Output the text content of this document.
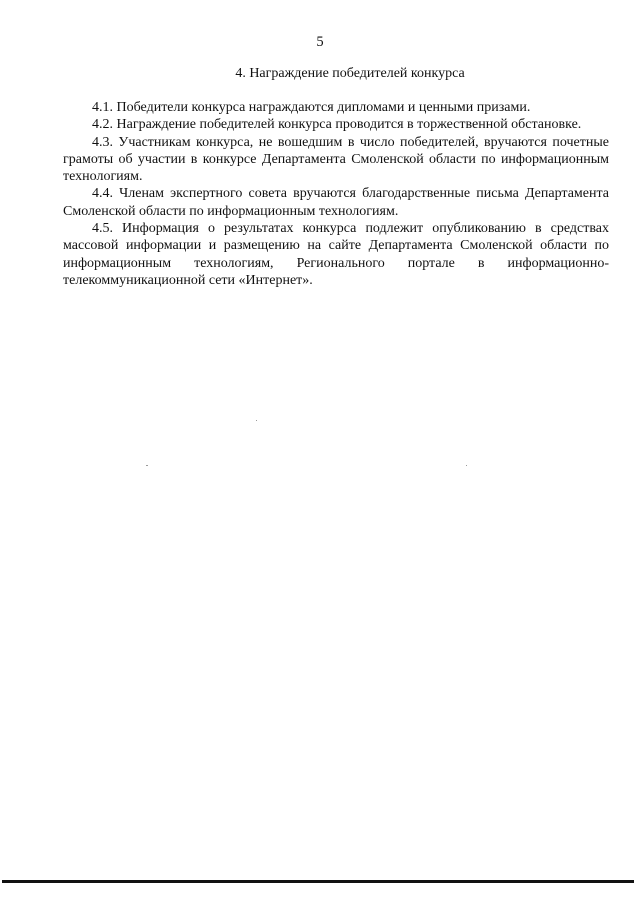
5
4. Награждение победителей конкурса

4.1. Победители конкурса награждаются дипломами и ценными призами.

4.2. Награждение победителей конкурса проводится в торжественной обстановке.

4.3. Участникам конкурса, не вошедшим в число победителей, вручаются почетные грамоты об участии в конкурсе Департамента Смоленской области по информационным технологиям.

4.4. Членам экспертного совета вручаются благодарственные письма Департамента Смоленской области по информационным технологиям.

4.5. Информация о результатах конкурса подлежит опубликованию в средствах массовой информации и размещению на сайте Департамента Смоленской области по информационным технологиям, Регионального портале в информационно-телекоммуникационной сети «Интернет».
